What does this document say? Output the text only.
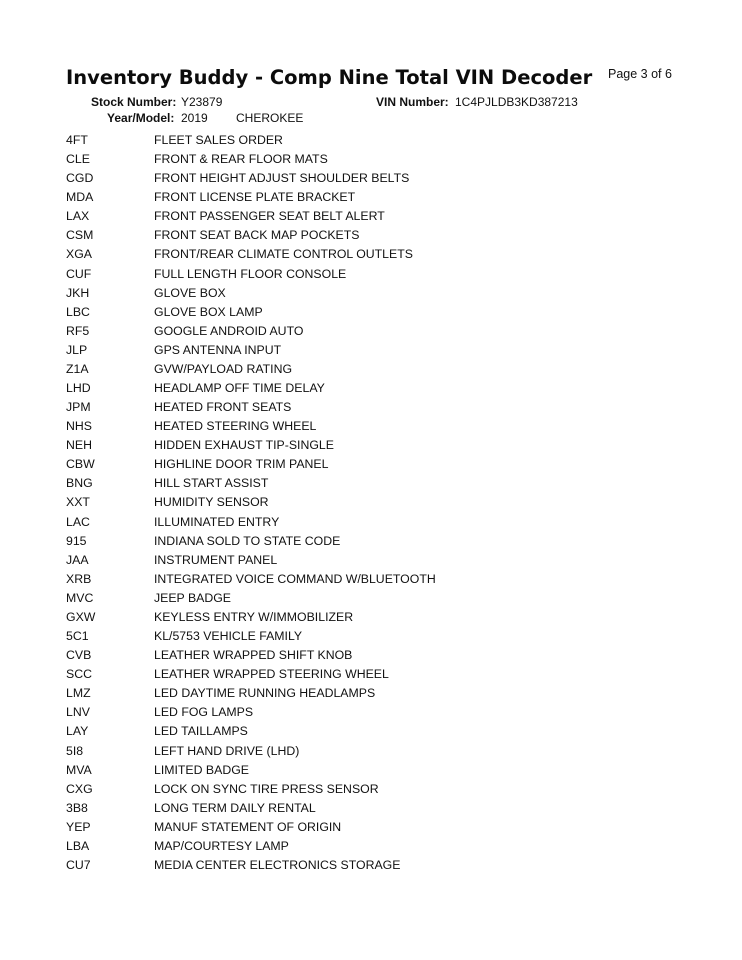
Inventory Buddy - Comp Nine Total VIN Decoder Page 3 of 6
Stock Number: Y23879	VIN Number: 1C4PJLDB3KD387213
Year/Model: 2019 CHEROKEE
4FT	FLEET SALES ORDER
CLE	FRONT & REAR FLOOR MATS
CGD	FRONT HEIGHT ADJUST SHOULDER BELTS
MDA	FRONT LICENSE PLATE BRACKET
LAX	FRONT PASSENGER SEAT BELT ALERT
CSM	FRONT SEAT BACK MAP POCKETS
XGA	FRONT/REAR CLIMATE CONTROL OUTLETS
CUF	FULL LENGTH FLOOR CONSOLE
JKH	GLOVE BOX
LBC	GLOVE BOX LAMP
RF5	GOOGLE ANDROID AUTO
JLP	GPS ANTENNA INPUT
Z1A	GVW/PAYLOAD RATING
LHD	HEADLAMP OFF TIME DELAY
JPM	HEATED FRONT SEATS
NHS	HEATED STEERING WHEEL
NEH	HIDDEN EXHAUST TIP-SINGLE
CBW	HIGHLINE DOOR TRIM PANEL
BNG	HILL START ASSIST
XXT	HUMIDITY SENSOR
LAC	ILLUMINATED ENTRY
915	INDIANA SOLD TO STATE CODE
JAA	INSTRUMENT PANEL
XRB	INTEGRATED VOICE COMMAND W/BLUETOOTH
MVC	JEEP BADGE
GXW	KEYLESS ENTRY W/IMMOBILIZER
5C1	KL/5753 VEHICLE FAMILY
CVB	LEATHER WRAPPED SHIFT KNOB
SCC	LEATHER WRAPPED STEERING WHEEL
LMZ	LED DAYTIME RUNNING HEADLAMPS
LNV	LED FOG LAMPS
LAY	LED TAILLAMPS
5I8	LEFT HAND DRIVE (LHD)
MVA	LIMITED BADGE
CXG	LOCK ON SYNC TIRE PRESS SENSOR
3B8	LONG TERM DAILY RENTAL
YEP	MANUF STATEMENT OF ORIGIN
LBA	MAP/COURTESY LAMP
CU7	MEDIA CENTER ELECTRONICS STORAGE
